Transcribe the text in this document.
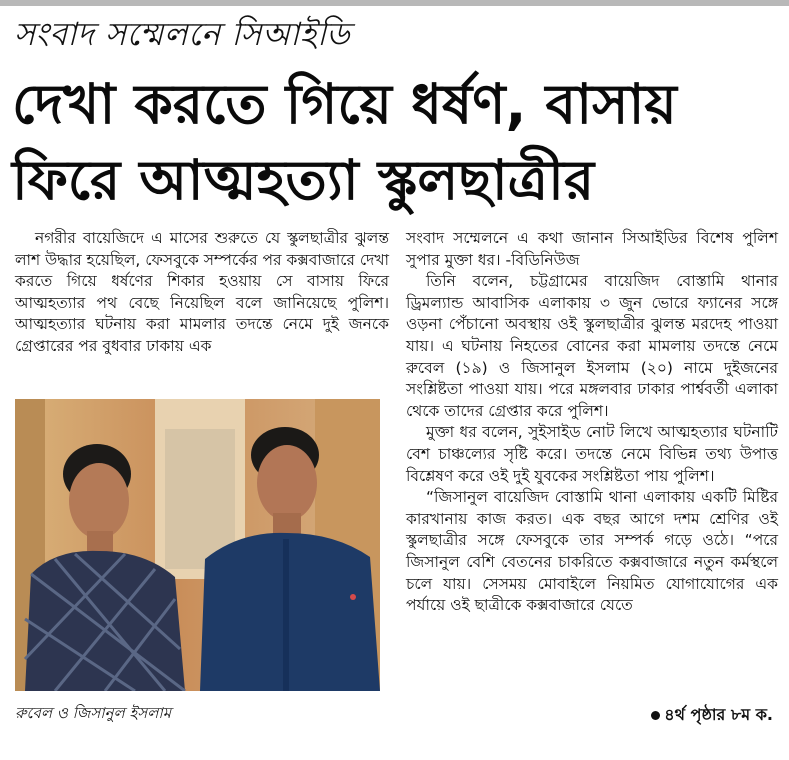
সংবাদ সম্মেলনে সিআইডি
দেখা করতে গিয়ে ধর্ষণ, বাসায়
ফিরে আত্মহত্যা স্কুলছাত্রীর

নগরীর বায়েজিদে এ মাসের শুরুতে যে স্কুলছাত্রীর ঝুলন্ত লাশ উদ্ধার হয়েছিল, ফেসবুকে সম্পর্কের পর কক্সবাজারে দেখা করতে গিয়ে ধর্ষণের শিকার হওয়ায় সে বাসায় ফিরে আত্মহত্যার পথ বেছে নিয়েছিল বলে জানিয়েছে পুলিশ। আত্মহত্যার ঘটনায় করা মামলার তদন্তে নেমে দুই জনকে গ্রেপ্তারের পর বুধবার ঢাকায় এক

রুবেল ও জিসানুল ইসলাম

সংবাদ সম্মেলনে এ কথা জানান সিআইডির বিশেষ পুলিশ সুপার মুক্তা ধর। -বিডিনিউজ

তিনি বলেন, চট্টগ্রামের বায়েজিদ বোস্তামি থানার ড্রিমল্যান্ড আবাসিক এলাকায় ৩ জুন ভোরে ফ্যানের সঙ্গে ওড়না পেঁচানো অবস্থায় ওই স্কুলছাত্রীর ঝুলন্ত মরদেহ পাওয়া যায়। এ ঘটনায় নিহতের বোনের করা মামলায় তদন্তে নেমে রুবেল (১৯) ও জিসানুল ইসলাম (২০) নামে দুইজনের সংশ্লিষ্টতা পাওয়া যায়। পরে মঙ্গলবার ঢাকার পার্শ্ববর্তী এলাকা থেকে তাদের গ্রেপ্তার করে পুলিশ।

মুক্তা ধর বলেন, সুইসাইড নোট লিখে আত্মহত্যার ঘটনাটি বেশ চাঞ্চল্যের সৃষ্টি করে। তদন্তে নেমে বিভিন্ন তথ্য উপাত্ত বিশ্লেষণ করে ওই দুই যুবকের সংশ্লিষ্টতা পায় পুলিশ।

“জিসানুল বায়েজিদ বোস্তামি থানা এলাকায় একটি মিষ্টির কারখানায় কাজ করত। এক বছর আগে দশম শ্রেণির ওই স্কুলছাত্রীর সঙ্গে ফেসবুকে তার সম্পর্ক গড়ে ওঠে। “পরে জিসানুল বেশি বেতনের চাকরিতে কক্সবাজারে নতুন কর্মস্থলে চলে যায়। সেসময় মোবাইলে নিয়মিত যোগাযোগের এক পর্যায়ে ওই ছাত্রীকে কক্সবাজারে যেতে

৪র্থ পৃষ্ঠার ৮ম ক.
